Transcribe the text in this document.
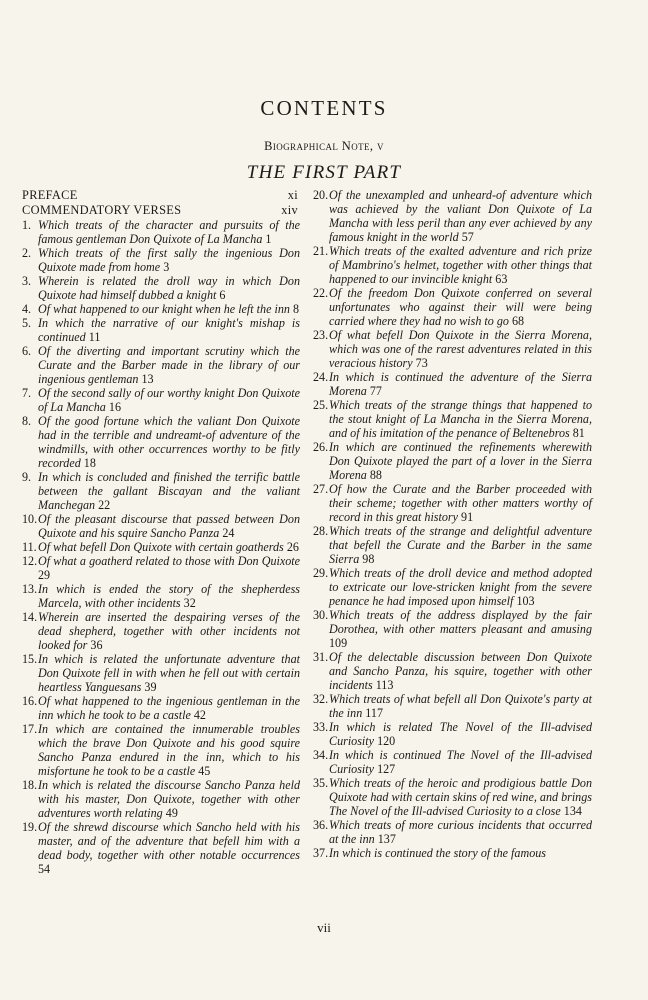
CONTENTS
Biographical Note, v
THE FIRST PART
PREFACE	xi
COMMENDATORY VERSES	xiv

1. Which treats of the character and pursuits of the famous gentleman Don Quixote of La Mancha 1

2. Which treats of the first sally the ingenious Don Quixote made from home 3

3. Wherein is related the droll way in which Don Quixote had himself dubbed a knight 6

4. Of what happened to our knight when he left the inn 8

5. In which the narrative of our knight's mishap is continued 11

6. Of the diverting and important scrutiny which the Curate and the Barber made in the library of our ingenious gentleman 13

7. Of the second sally of our worthy knight Don Quixote of La Mancha 16

8. Of the good fortune which the valiant Don Quixote had in the terrible and undreamt-of adventure of the windmills, with other occurrences worthy to be fitly recorded 18

9. In which is concluded and finished the terrific battle between the gallant Biscayan and the valiant Manchegan 22

10. Of the pleasant discourse that passed between Don Quixote and his squire Sancho Panza 24

11. Of what befell Don Quixote with certain goatherds 26

12. Of what a goatherd related to those with Don Quixote 29

13. In which is ended the story of the shepherdess Marcela, with other incidents 32

14. Wherein are inserted the despairing verses of the dead shepherd, together with other incidents not looked for 36

15. In which is related the unfortunate adventure that Don Quixote fell in with when he fell out with certain heartless Yanguesans 39

16. Of what happened to the ingenious gentleman in the inn which he took to be a castle 42

17. In which are contained the innumerable troubles which the brave Don Quixote and his good squire Sancho Panza endured in the inn, which to his misfortune he took to be a castle 45

18. In which is related the discourse Sancho Panza held with his master, Don Quixote, together with other adventures worth relating 49

19. Of the shrewd discourse which Sancho held with his master, and of the adventure that befell him with a dead body, together with other notable occurrences 54

20. Of the unexampled and unheard-of adventure which was achieved by the valiant Don Quixote of La Mancha with less peril than any ever achieved by any famous knight in the world 57

21. Which treats of the exalted adventure and rich prize of Mambrino's helmet, together with other things that happened to our invincible knight 63

22. Of the freedom Don Quixote conferred on several unfortunates who against their will were being carried where they had no wish to go 68

23. Of what befell Don Quixote in the Sierra Morena, which was one of the rarest adventures related in this veracious history 73

24. In which is continued the adventure of the Sierra Morena 77

25. Which treats of the strange things that happened to the stout knight of La Mancha in the Sierra Morena, and of his imitation of the penance of Beltenebros 81

26. In which are continued the refinements wherewith Don Quixote played the part of a lover in the Sierra Morena 88

27. Of how the Curate and the Barber proceeded with their scheme; together with other matters worthy of record in this great history 91

28. Which treats of the strange and delightful adventure that befell the Curate and the Barber in the same Sierra 98

29. Which treats of the droll device and method adopted to extricate our love-stricken knight from the severe penance he had imposed upon himself 103

30. Which treats of the address displayed by the fair Dorothea, with other matters pleasant and amusing 109

31. Of the delectable discussion between Don Quixote and Sancho Panza, his squire, together with other incidents 113

32. Which treats of what befell all Don Quixote's party at the inn 117

33. In which is related The Novel of the Ill-advised Curiosity 120

34. In which is continued The Novel of the Ill-advised Curiosity 127

35. Which treats of the heroic and prodigious battle Don Quixote had with certain skins of red wine, and brings The Novel of the Ill-advised Curiosity to a close 134

36. Which treats of more curious incidents that occurred at the inn 137

37. In which is continued the story of the famous

vii
